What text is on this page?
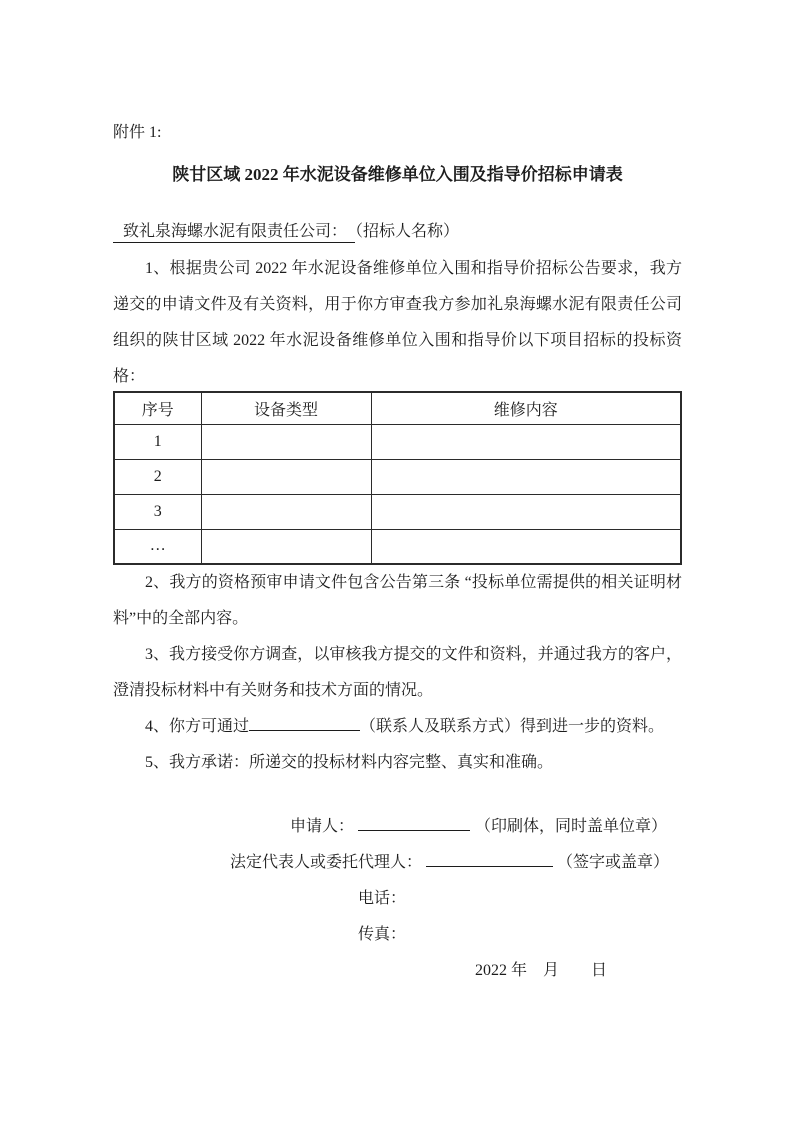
附件 1:
陕甘区域 2022 年水泥设备维修单位入围及指导价招标申请表
致礼泉海螺水泥有限责任公司： （招标人名称）

1、根据贵公司 2022 年水泥设备维修单位入围和指导价招标公告要求，我方递交的申请文件及有关资料，用于你方审查我方参加礼泉海螺水泥有限责任公司组织的陕甘区域 2022 年水泥设备维修单位入围和指导价以下项目招标的投标资格：

序号	设备类型	维修内容
1		
2		
3		
…		

2、我方的资格预审申请文件包含公告第三条 “投标单位需提供的相关证明材料”中的全部内容。

3、我方接受你方调查，以审核我方提交的文件和资料，并通过我方的客户，澄清投标材料中有关财务和技术方面的情况。

4、你方可通过	（联系人及联系方式）得到进一步的资料。

5、我方承诺：所递交的投标材料内容完整、真实和准确。

申请人：	（印刷体，同时盖单位章）
法定代表人或委托代理人：	（签字或盖章）
电话：
传真：
2022 年　月　　日
